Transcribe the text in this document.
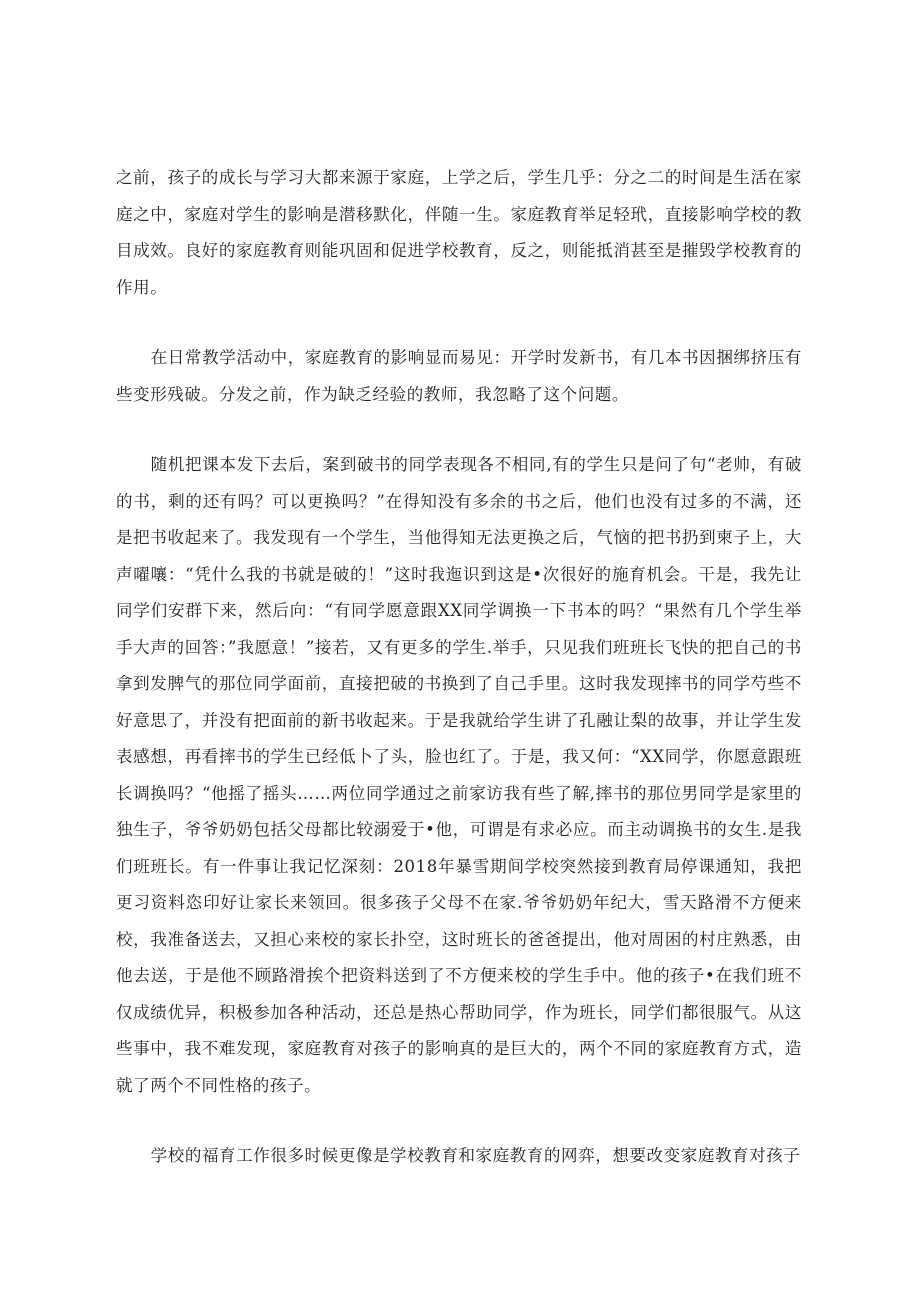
之前，孩子的成长与学习大都来源于家庭，上学之后，学生几乎：分之二的时间是生活在家庭之中，家庭对学生的影响是潜移默化，伴随一生。家庭教育举足轻玳，直接影响学校的教目成效。良好的家庭教育则能巩固和促进学校教育，反之，则能抵消甚至是摧毁学校教育的作用。

在日常教学活动中，家庭教育的影响显而易见：开学时发新书，有几本书因捆绑挤压有些变形残破。分发之前，作为缺乏经验的教师，我忽略了这个问题。

随机把课本发下去后，案到破书的同学表现各不相同,有的学生只是问了句“老帅，有破的书，剩的还有吗？可以更换吗？”在得知没有多余的书之后，他们也没有过多的不满，还是把书收起来了。我发现有一个学生，当他得知无法更换之后，气恼的把书扔到柬子上，大声嚁嚷：“凭什么我的书就是破的！”这时我迤识到这是•次很好的施育机会。干是，我先让同学们安群下来，然后向：“有同学愿意跟XX同学调换一下书本的吗？“果然有几个学生举手大声的回答：”我愿意！”接若，又有更多的学生.举手，只见我们班班长飞快的把自己的书拿到发脾气的那位同学面前，直接把破的书换到了自己手里。这时我发现摔书的同学芍些不好意思了，并没有把面前的新书收起来。于是我就给学生讲了孔融让梨的故事，并让学生发表感想，再看摔书的学生已经低卜了头，脸也红了。于是，我又何：“XX同学，你愿意跟班长调换吗？“他摇了摇头……两位同学通过之前家访我有些了解,摔书的那位男同学是家里的独生子，爷爷奶奶包括父母都比较溺爱于•他，可谓是有求必应。而主动调换书的女生.是我们班班长。有一件事让我记忆深刻：2018年暴雪期间学校突然接到教育局停课通知，我把更习资料恣印好让家长来领回。很多孩子父母不在家.爷爷奶奶年纪大，雪天路滑不方便来校，我准备送去，又担心来校的家长扑空，这时班长的爸爸提出，他对周困的村庄熟悉，由他去送，于是他不顾路滑挨个把资料送到了不方便来校的学生手中。他的孩子•在我们班不仅成绩优异，积极参加各种活动，还总是热心帮助同学，作为班长，同学们都很服气。从这些事中，我不难发现，家庭教育对孩子的影响真的是巨大的，两个不同的家庭教育方式，造就了两个不同性格的孩子。

学校的福育工作很多时候更像是学校教育和家庭教育的网弈，想要改变家庭教育对孩子
